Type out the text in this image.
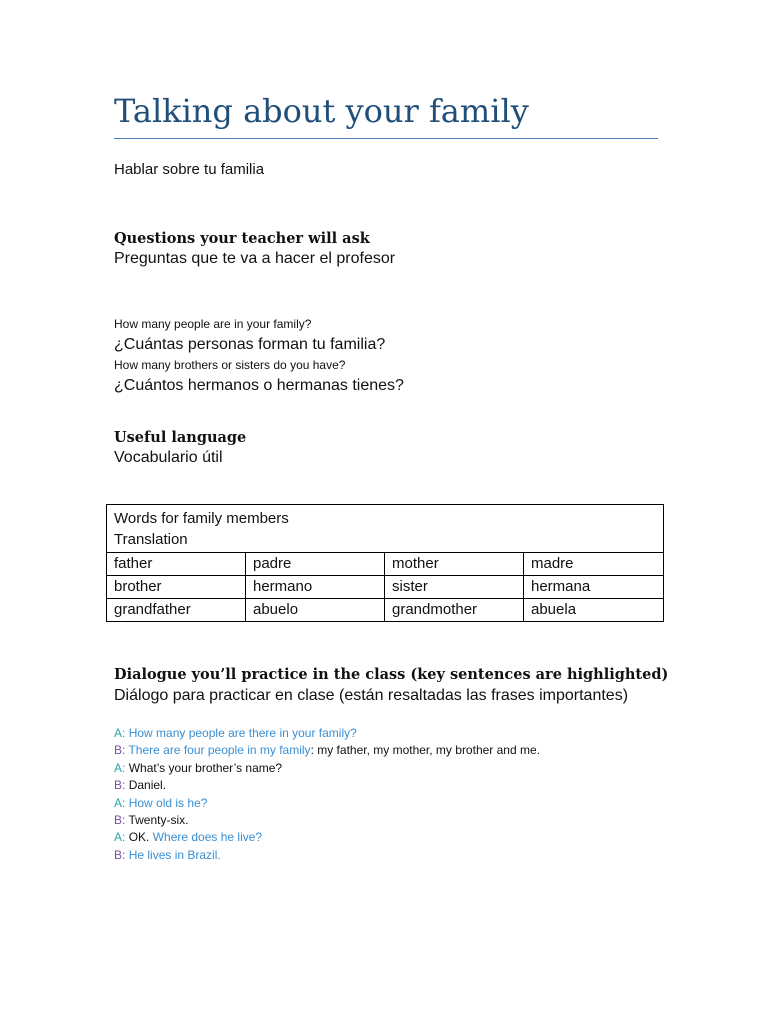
Talking about your family
Hablar sobre tu familia
Questions your teacher will ask
Preguntas que te va a hacer el profesor
How many people are in your family?
¿Cuántas personas forman tu familia?
How many brothers or sisters do you have?
¿Cuántos hermanos o hermanas tienes?
Useful language
Vocabulario útil
Words for family members
Translation			

father	padre	mother	madre
brother	hermano	sister	hermana
grandfather	abuelo	grandmother	abuela
Dialogue you’ll practice in the class (key sentences are highlighted)
Diálogo para practicar en clase (están resaltadas las frases importantes)
A: How many people are there in your family?
B: There are four people in my family: my father, my mother, my brother and me.
A: What’s your brother’s name?
B: Daniel.
A: How old is he?
B: Twenty-six.
A: OK. Where does he live?
B: He lives in Brazil.
